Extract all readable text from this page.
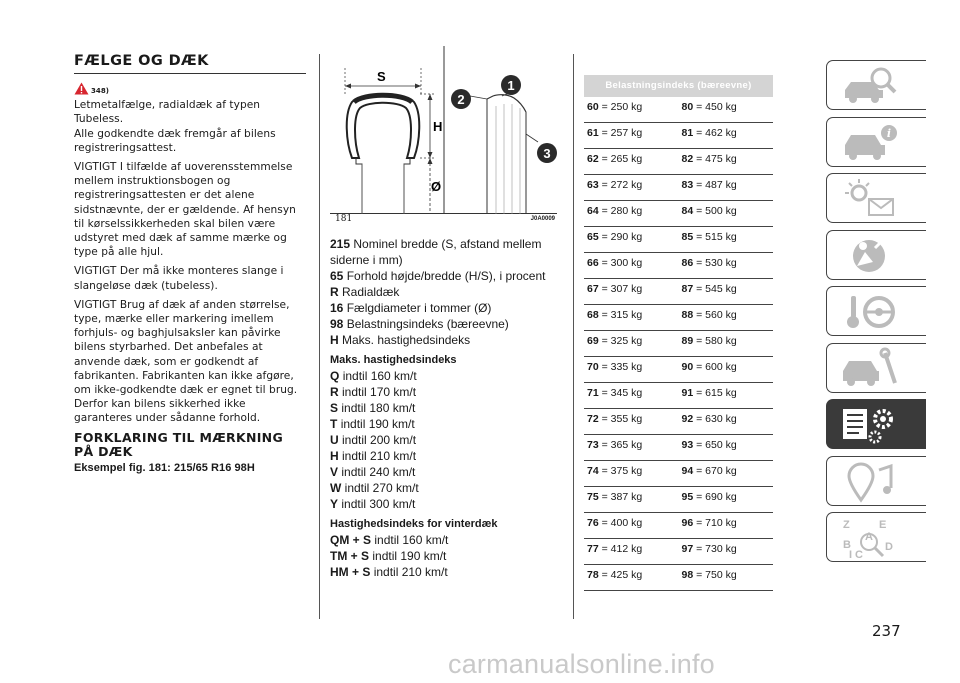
FÆLGE OG DÆK
348)

Letmetalfælge, radialdæk af typen Tubeless.
Alle godkendte dæk fremgår af bilens registreringsattest.

VIGTIGT I tilfælde af uoverensstemmelse mellem instruktionsbogen og registreringsattesten er det alene sidstnævnte, der er gældende. Af hensyn til kørselssikkerheden skal bilen være udstyret med dæk af samme mærke og type på alle hjul.

VIGTIGT Der må ikke monteres slange i slangeløse dæk (tubeless).

VIGTIGT Brug af dæk af anden størrelse, type, mærke eller markering imellem forhjuls- og baghjulsaksler kan påvirke bilens styrbarhed. Det anbefales at anvende dæk, som er godkendt af fabrikanten. Fabrikanten kan ikke afgøre, om ikke-godkendte dæk er egnet til brug. Derfor kan bilens sikkerhed ikke garanteres under sådanne forhold.

FORKLARING TIL MÆRKNING PÅ DÆK
Eksempel fig. 181: 215/65 R16 98H
S
H
Ø
2
1
3
181	J0A0009
215 Nominel bredde (S, afstand mellem siderne i mm)
65 Forhold højde/bredde (H/S), i procent
R Radialdæk
16 Fælgdiameter i tommer (Ø)
98 Belastningsindeks (bæreevne)
H Maks. hastighedsindeks
Maks. hastighedsindeks
Q indtil 160 km/t
R indtil 170 km/t
S indtil 180 km/t
T indtil 190 km/t
U indtil 200 km/t
H indtil 210 km/t
V indtil 240 km/t
W indtil 270 km/t
Y indtil 300 km/t
Hastighedsindeks for vinterdæk
QM + S indtil 160 km/t
TM + S indtil 190 km/t
HM + S indtil 210 km/t
Belastningsindeks (bæreevne)
60 = 250 kg	80 = 450 kg
61 = 257 kg	81 = 462 kg
62 = 265 kg	82 = 475 kg
63 = 272 kg	83 = 487 kg
64 = 280 kg	84 = 500 kg
65 = 290 kg	85 = 515 kg
66 = 300 kg	86 = 530 kg
67 = 307 kg	87 = 545 kg
68 = 315 kg	88 = 560 kg
69 = 325 kg	89 = 580 kg
70 = 335 kg	90 = 600 kg
71 = 345 kg	91 = 615 kg
72 = 355 kg	92 = 630 kg
73 = 365 kg	93 = 650 kg
74 = 375 kg	94 = 670 kg
75 = 387 kg	95 = 690 kg
76 = 400 kg	96 = 710 kg
77 = 412 kg	97 = 730 kg
78 = 425 kg	98 = 750 kg
i
Z	E
A
B
C
D
I
237
carmanualsonline.info
